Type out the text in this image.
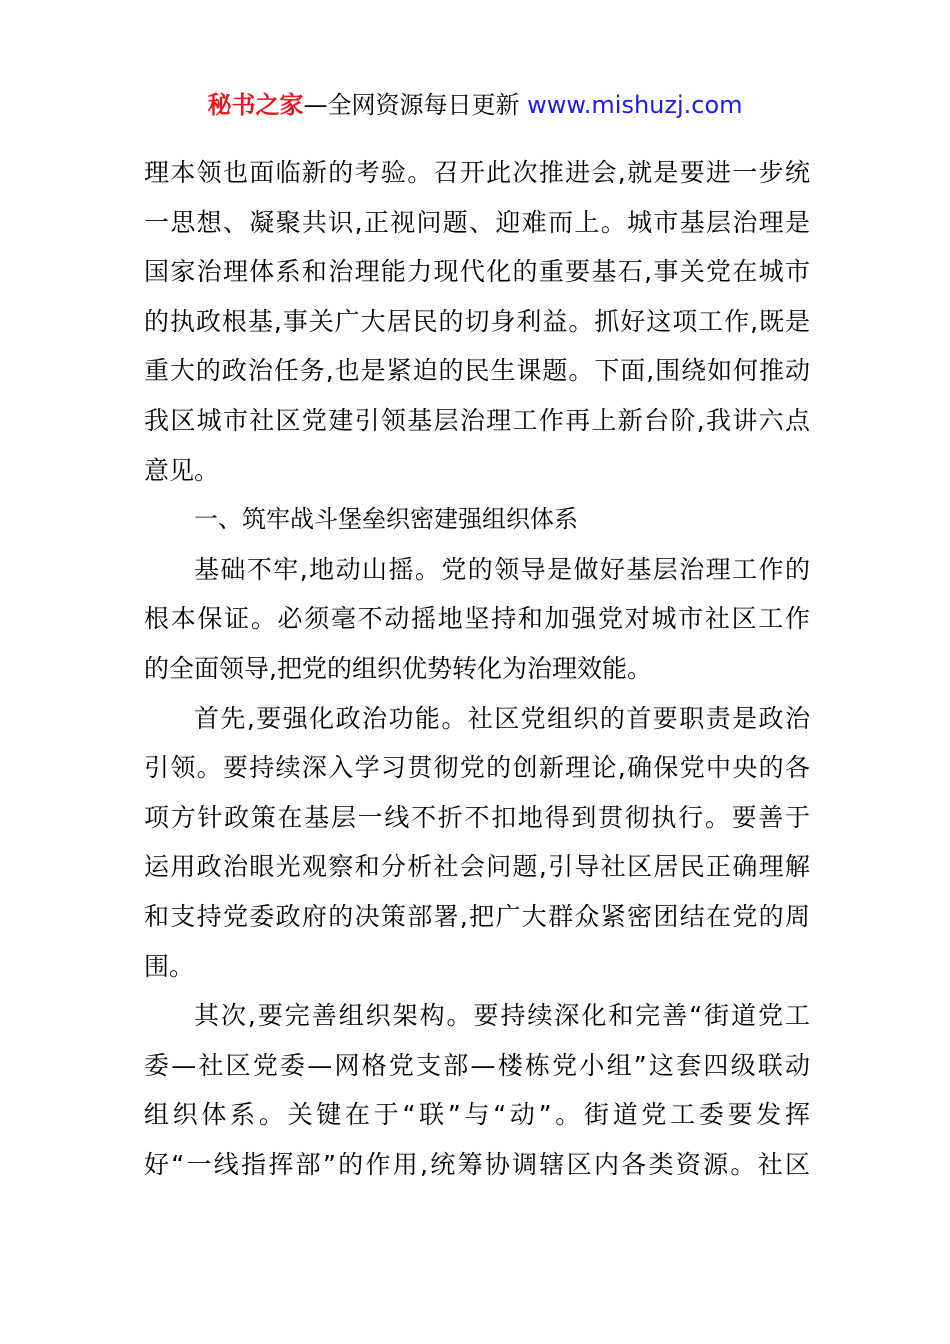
秘书之家—全网资源每日更新 www.mishuzj.com
理本领也面临新的考验。召开此次推进会,就是要进一步统
一思想、凝聚共识,正视问题、迎难而上。城市基层治理是
国家治理体系和治理能力现代化的重要基石,事关党在城市
的执政根基,事关广大居民的切身利益。抓好这项工作,既是
重大的政治任务,也是紧迫的民生课题。下面,围绕如何推动
我区城市社区党建引领基层治理工作再上新台阶,我讲六点
意见。
一、筑牢战斗堡垒织密建强组织体系
基础不牢,地动山摇。党的领导是做好基层治理工作的
根本保证。必须毫不动摇地坚持和加强党对城市社区工作
的全面领导,把党的组织优势转化为治理效能。
首先,要强化政治功能。社区党组织的首要职责是政治
引领。要持续深入学习贯彻党的创新理论,确保党中央的各
项方针政策在基层一线不折不扣地得到贯彻执行。要善于
运用政治眼光观察和分析社会问题,引导社区居民正确理解
和支持党委政府的决策部署,把广大群众紧密团结在党的周
围。
其次,要完善组织架构。要持续深化和完善“街道党工
委—社区党委—网格党支部—楼栋党小组”这套四级联动
组织体系。关键在于“联”与“动”。街道党工委要发挥
好“一线指挥部”的作用,统筹协调辖区内各类资源。社区
